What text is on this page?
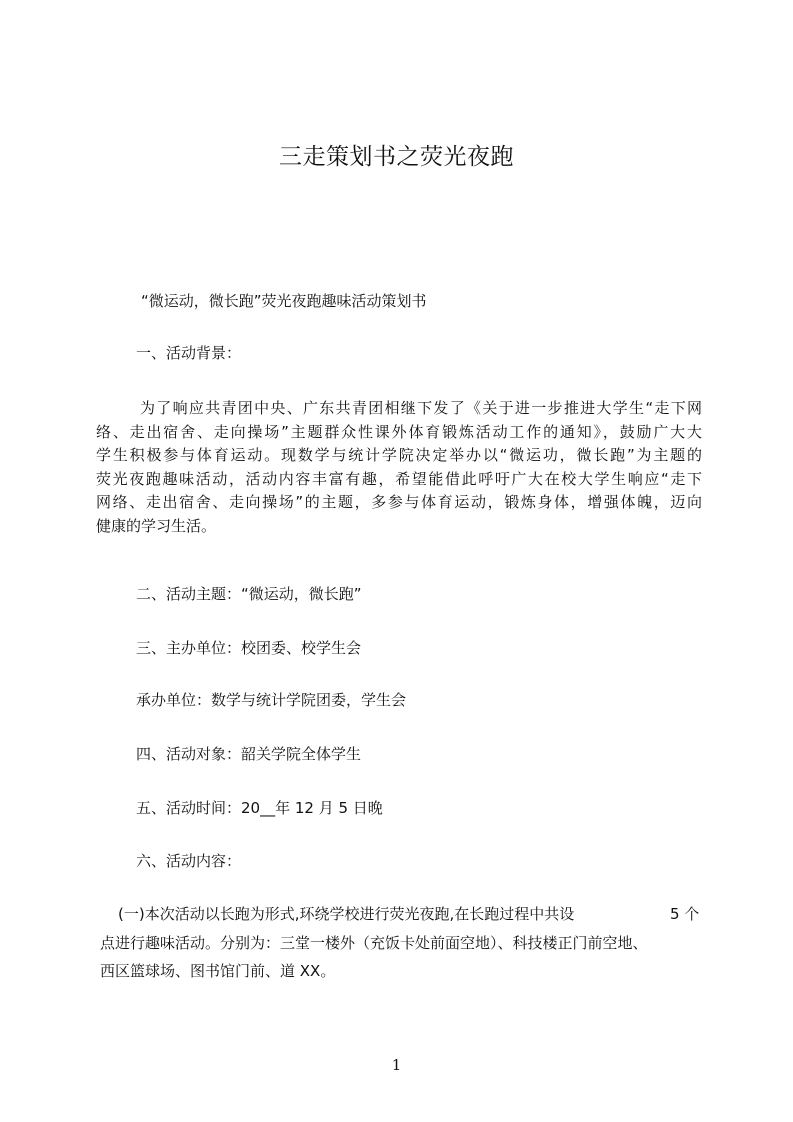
三走策划书之荧光夜跑
“微运动，微长跑”荧光夜跑趣味活动策划书
一、活动背景：
为了响应共青团中央、广东共青团相继下发了《关于进一步推进大学生“走下网
络、走出宿舍、走向操场”主题群众性课外体育锻炼活动工作的通知》，鼓励广大大
学生积极参与体育运动。现数学与统计学院决定举办以“微运功，微长跑”为主题的
荧光夜跑趣味活动，活动内容丰富有趣，希望能借此呼吁广大在校大学生响应“走下
网络、走出宿舍、走向操场”的主题，多参与体育运动，锻炼身体，增强体魄，迈向
健康的学习生活。
二、活动主题：“微运动，微长跑”
三、主办单位：校团委、校学生会
承办单位：数学与统计学院团委，学生会
四、活动对象：韶关学院全体学生
五、活动时间：20__年 12 月 5 日晚
六、活动内容：
(一)本次活动以长跑为形式,环绕学校进行荧光夜跑,在长跑过程中共设	5 个
点进行趣味活动。分别为：三堂一楼外（充饭卡处前面空地）、科技楼正门前空地、
西区篮球场、图书馆门前、道 XX。
1
